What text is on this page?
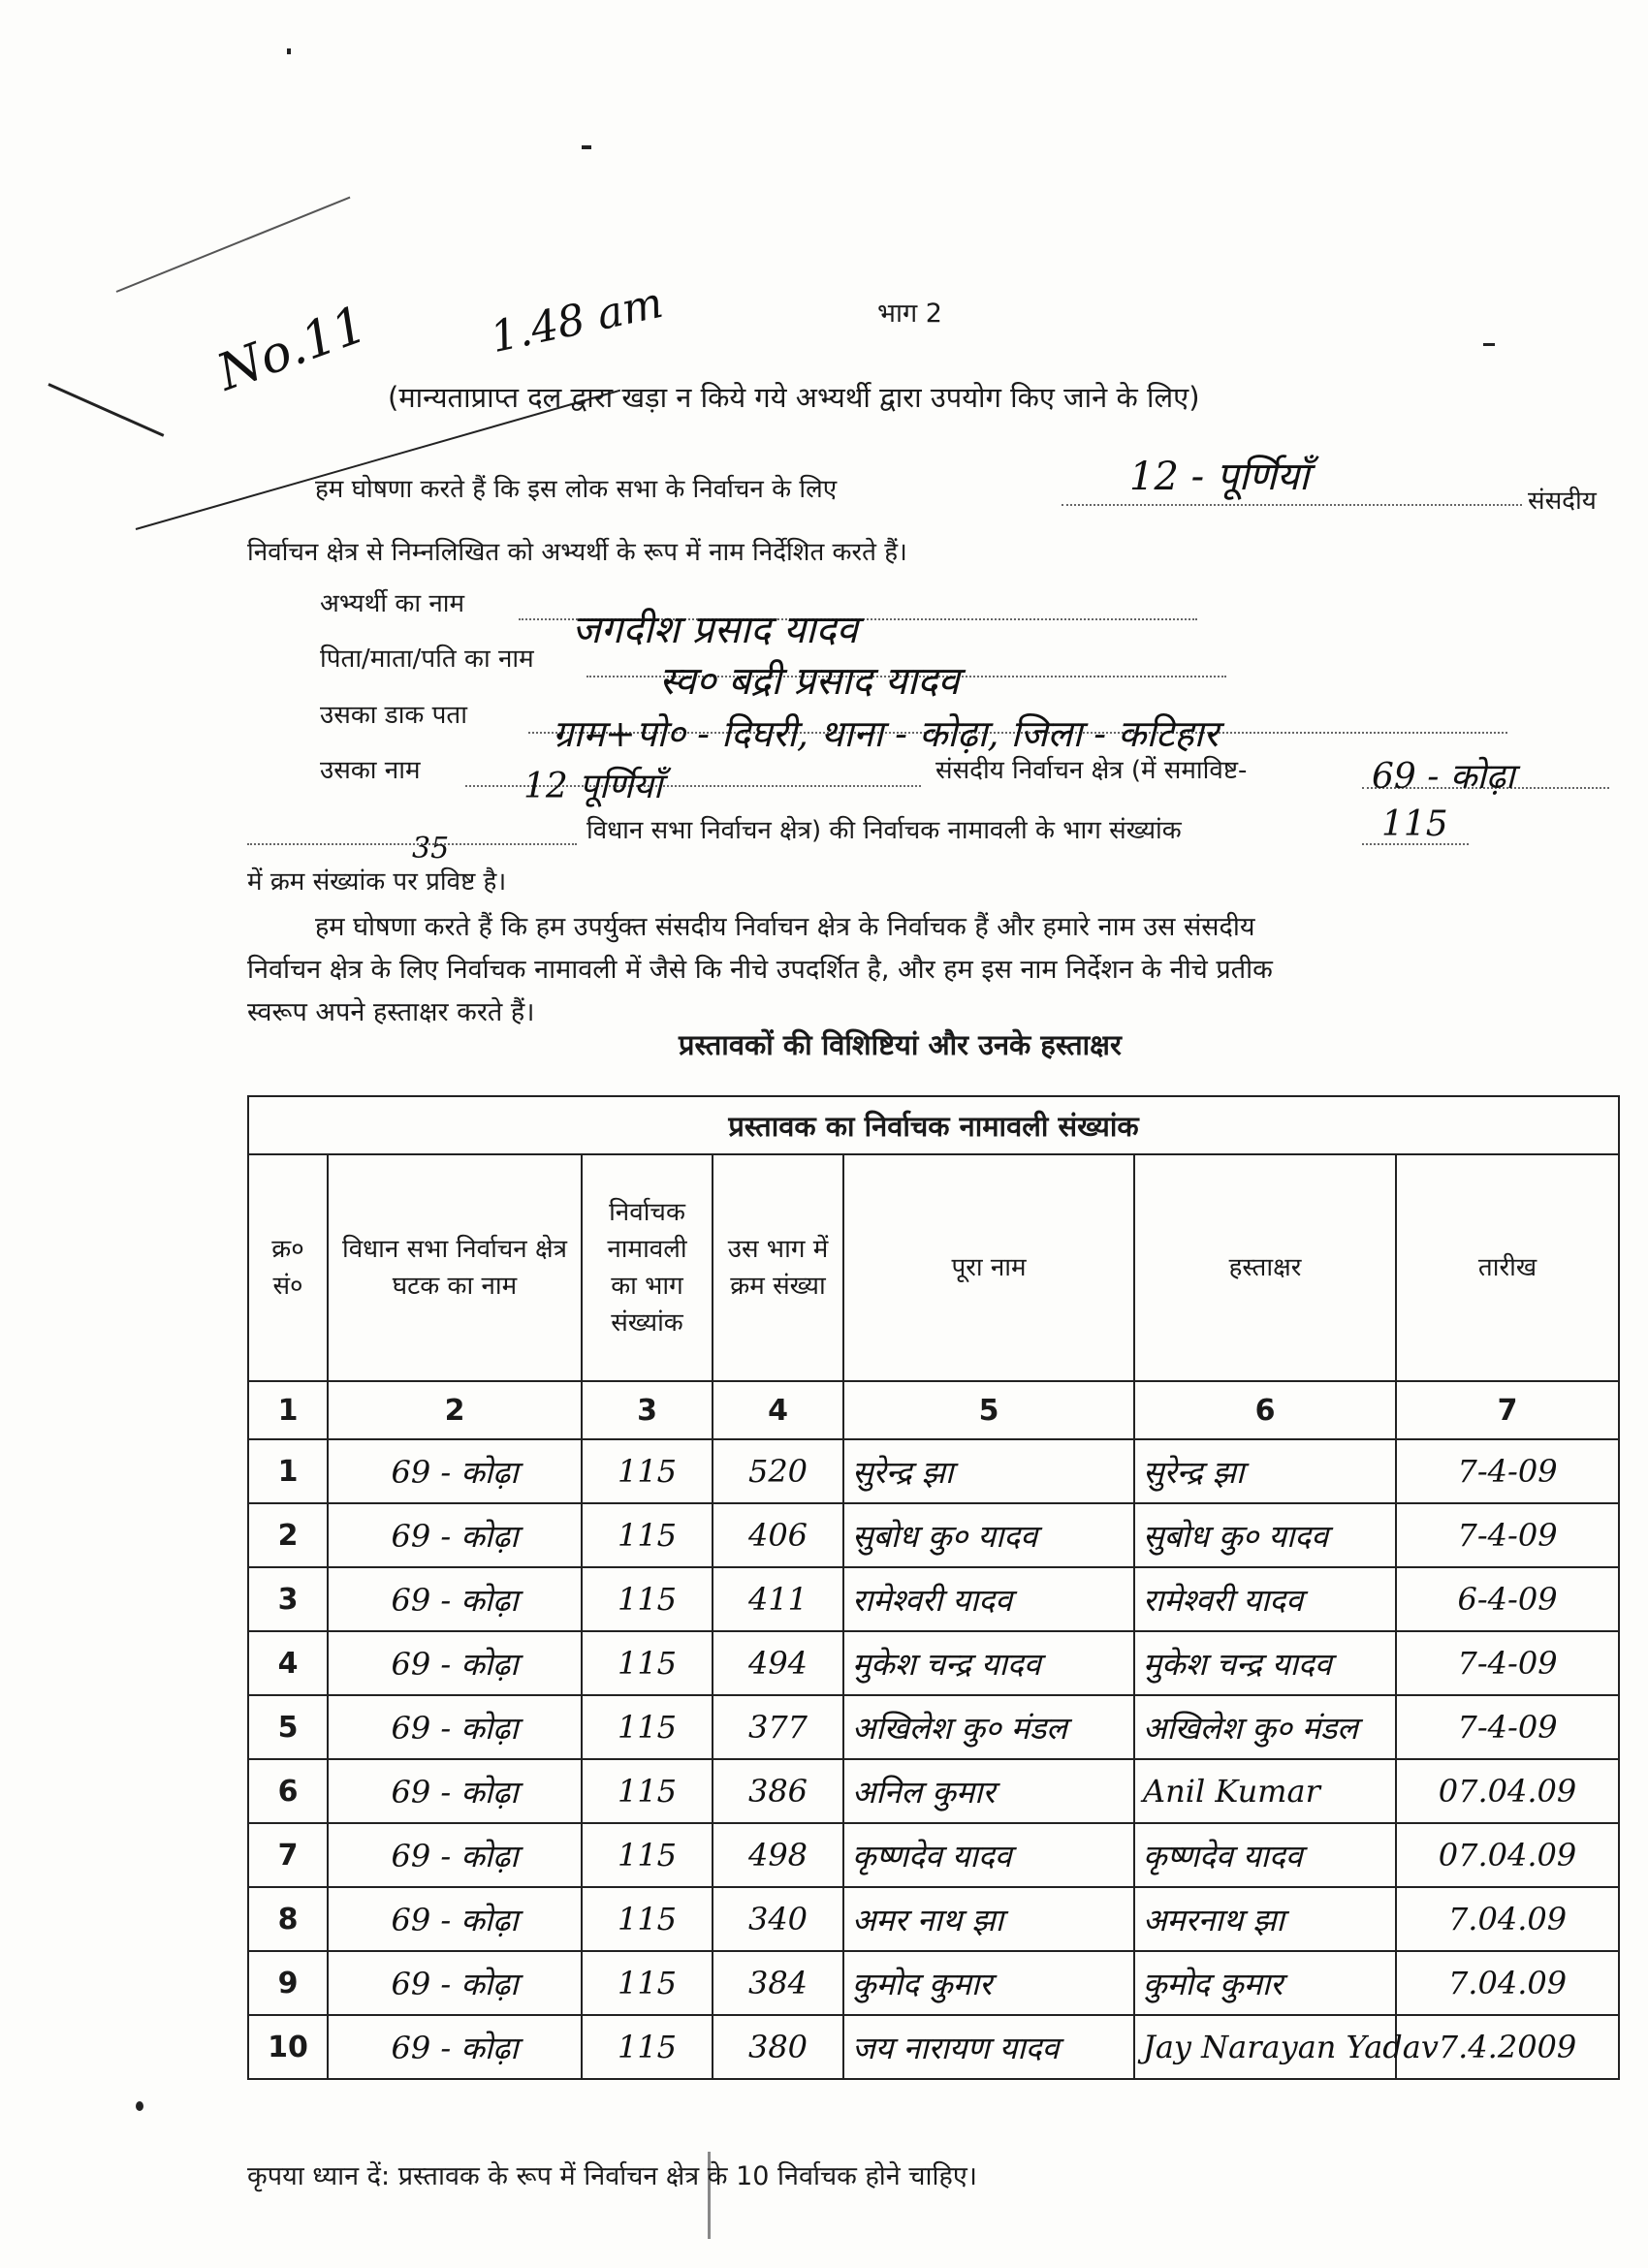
No.11	1.48 am	भाग 2
(मान्यताप्राप्त दल द्वारा खड़ा न किये गये अभ्यर्थी द्वारा उपयोग किए जाने के लिए)
हम घोषणा करते हैं कि इस लोक सभा के निर्वाचन के लिए	12 - पूर्णियाँ
संसदीय
निर्वाचन क्षेत्र से निम्नलिखित को अभ्यर्थी के रूप में नाम निर्देशित करते हैं।
अभ्यर्थी का नाम
जगदीश प्रसाद यादव
पिता/माता/पति का नाम	स्व० बद्री प्रसाद यादव
उसका डाक पता ग्राम+पो० - दिघरी, थाना - कोढ़ा, जिला - कटिहार
उसका नाम	12 पूर्णियाँ	संसदीय निर्वाचन क्षेत्र (में समाविष्ट-	69 - कोढ़ा
विधान सभा निर्वाचन क्षेत्र) की निर्वाचक नामावली के भाग संख्यांक	115
35
में क्रम संख्यांक पर प्रविष्ट है।

हम घोषणा करते हैं कि हम उपर्युक्त संसदीय निर्वाचन क्षेत्र के निर्वाचक हैं और हमारे नाम उस संसदीय

निर्वाचन क्षेत्र के लिए निर्वाचक नामावली में जैसे कि नीचे उपदर्शित है, और हम इस नाम निर्देशन के नीचे प्रतीक

स्वरूप अपने हस्ताक्षर करते हैं।

प्रस्तावकों की विशिष्टियां और उनके हस्ताक्षर
प्रस्तावक का निर्वाचक नामावली संख्यांक						
क्र० सं०	विधान सभा निर्वाचन क्षेत्र घटक का नाम	निर्वाचक नामावली का भाग संख्यांक	उस भाग में क्रम संख्या	पूरा नाम	हस्ताक्षर	तारीख
1	2	3	4	5	6	7
1	69 - कोढ़ा	115	520	सुरेन्द्र झा	सुरेन्द्र झा	7-4-09
2	69 - कोढ़ा	115	406	सुबोध कु० यादव	सुबोध कु० यादव	7-4-09
3	69 - कोढ़ा	115	411	रामेश्वरी यादव	रामेश्वरी यादव	6-4-09
4	69 - कोढ़ा	115	494	मुकेश चन्द्र यादव	मुकेश चन्द्र यादव	7-4-09
5	69 - कोढ़ा	115	377	अखिलेश कु० मंडल	अखिलेश कु० मंडल	7-4-09
6	69 - कोढ़ा	115	386	अनिल कुमार	Anil Kumar	07.04.09
7	69 - कोढ़ा	115	498	कृष्णदेव यादव	कृष्णदेव यादव	07.04.09
8	69 - कोढ़ा	115	340	अमर नाथ झा	अमरनाथ झा	7.04.09
9	69 - कोढ़ा	115	384	कुमोद कुमार	कुमोद कुमार	7.04.09
10	69 - कोढ़ा	115	380	जय नारायण यादव	Jay Narayan Yadav	7.4.2009
कृपया ध्यान दें: प्रस्तावक के रूप में निर्वाचन क्षेत्र के 10 निर्वाचक होने चाहिए।
